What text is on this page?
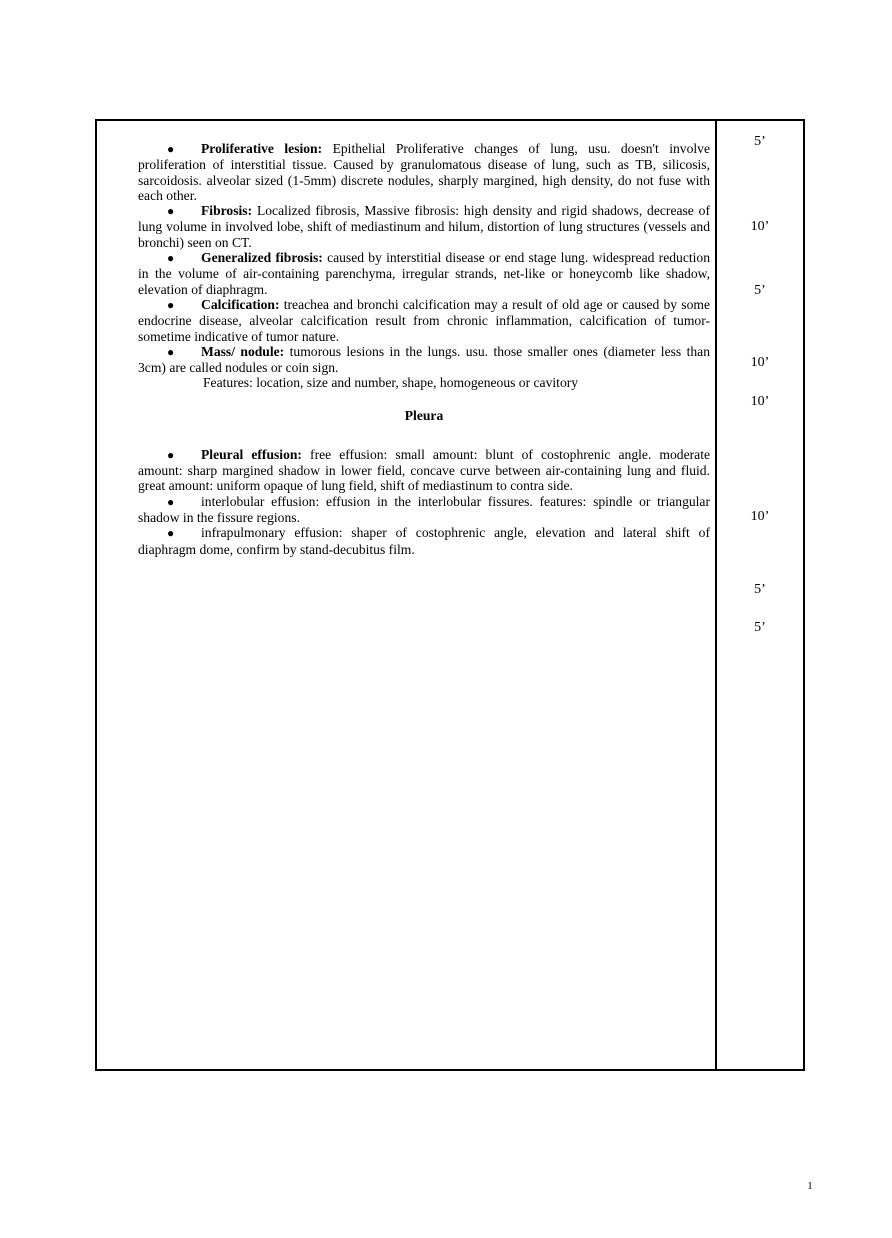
● Proliferative lesion: Epithelial Proliferative changes of lung, usu. doesn't involve proliferation of interstitial tissue. Caused by granulomatous disease of lung, such as TB, silicosis, sarcoidosis. alveolar sized (1-5mm) discrete nodules, sharply margined, high density, do not fuse with each other.

● Fibrosis: Localized fibrosis, Massive fibrosis: high density and rigid shadows, decrease of lung volume in involved lobe, shift of mediastinum and hilum, distortion of lung structures (vessels and bronchi) seen on CT.

● Generalized fibrosis: caused by interstitial disease or end stage lung. widespread reduction in the volume of air-containing parenchyma, irregular strands, net-like or honeycomb like shadow, elevation of diaphragm.

● Calcification: treachea and bronchi calcification may a result of old age or caused by some endocrine disease, alveolar calcification result from chronic inflammation, calcification of tumor-sometime indicative of tumor nature.

● Mass/ nodule: tumorous lesions in the lungs. usu. those smaller ones (diameter less than 3cm) are called nodules or coin sign.

Features: location, size and number, shape, homogeneous or cavitory

Pleura

● Pleural effusion: free effusion: small amount: blunt of costophrenic angle. moderate amount: sharp margined shadow in lower field, concave curve between air-containing lung and fluid. great amount: uniform opaque of lung field, shift of mediastinum to contra side.

● interlobular effusion: effusion in the interlobular fissures. features: spindle or triangular shadow in the fissure regions.

● infrapulmonary effusion: shaper of costophrenic angle, elevation and lateral shift of diaphragm dome, confirm by stand-decubitus film.

5’
10’
5’
10’
10’
10’
5’
5’
1
